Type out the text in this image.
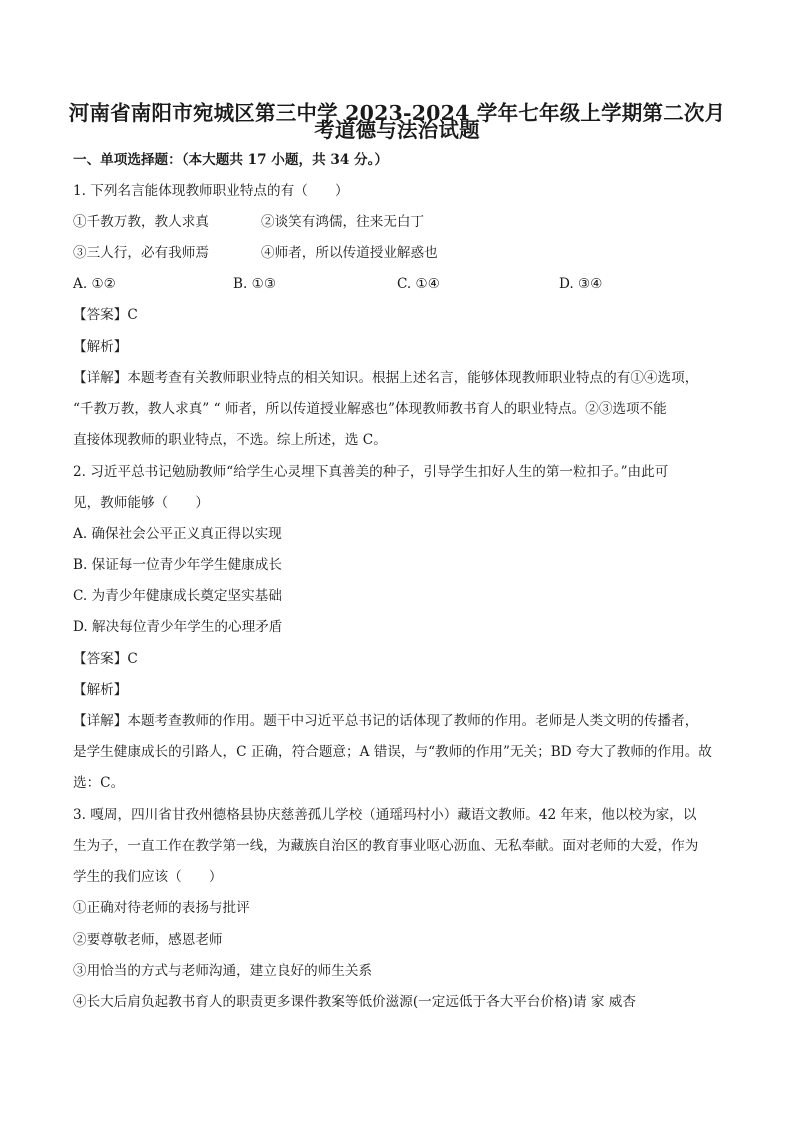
河南省南阳市宛城区第三中学 2023-2024 学年七年级上学期第二次月
考道德与法治试题
一、单项选择题：（本大题共 17 小题，共 34 分。）
1. 下列名言能体现教师职业特点的有（　　）
①千教万教，教人求真	②谈笑有鸿儒，往来无白丁
③三人行，必有我师焉	④师者，所以传道授业解惑也
A. ①②	B. ①③	C. ①④	D. ③④
【答案】C
【解析】
【详解】本题考查有关教师职业特点的相关知识。根据上述名言，能够体现教师职业特点的有①④选项，
“千教万教，教人求真” “ 师者，所以传道授业解惑也”体现教师教书育人的职业特点。②③选项不能
直接体现教师的职业特点，不选。综上所述，选 C。
2. 习近平总书记勉励教师“给学生心灵埋下真善美的种子，引导学生扣好人生的第一粒扣子。”由此可
见，教师能够（　　）
A. 确保社会公平正义真正得以实现
B. 保证每一位青少年学生健康成长
C. 为青少年健康成长奠定坚实基础
D. 解决每位青少年学生的心理矛盾
【答案】C
【解析】
【详解】本题考查教师的作用。题干中习近平总书记的话体现了教师的作用。老师是人类文明的传播者，
是学生健康成长的引路人，C 正确，符合题意；A 错误，与“教师的作用”无关；BD 夸大了教师的作用。故
选：C。
3. 嘎周，四川省甘孜州德格县协庆慈善孤儿学校（通瑶玛村小）藏语文教师。42 年来，他以校为家，以
生为子，一直工作在教学第一线，为藏族自治区的教育事业呕心沥血、无私奉献。面对老师的大爱，作为
学生的我们应该（　　）
①正确对待老师的表扬与批评
②要尊敬老师，感恩老师
③用恰当的方式与老师沟通，建立良好的师生关系
④长大后肩负起教书育人的职责更多课件教案等低价滋源(一定远低于各大平台价格)请 家 威杏
